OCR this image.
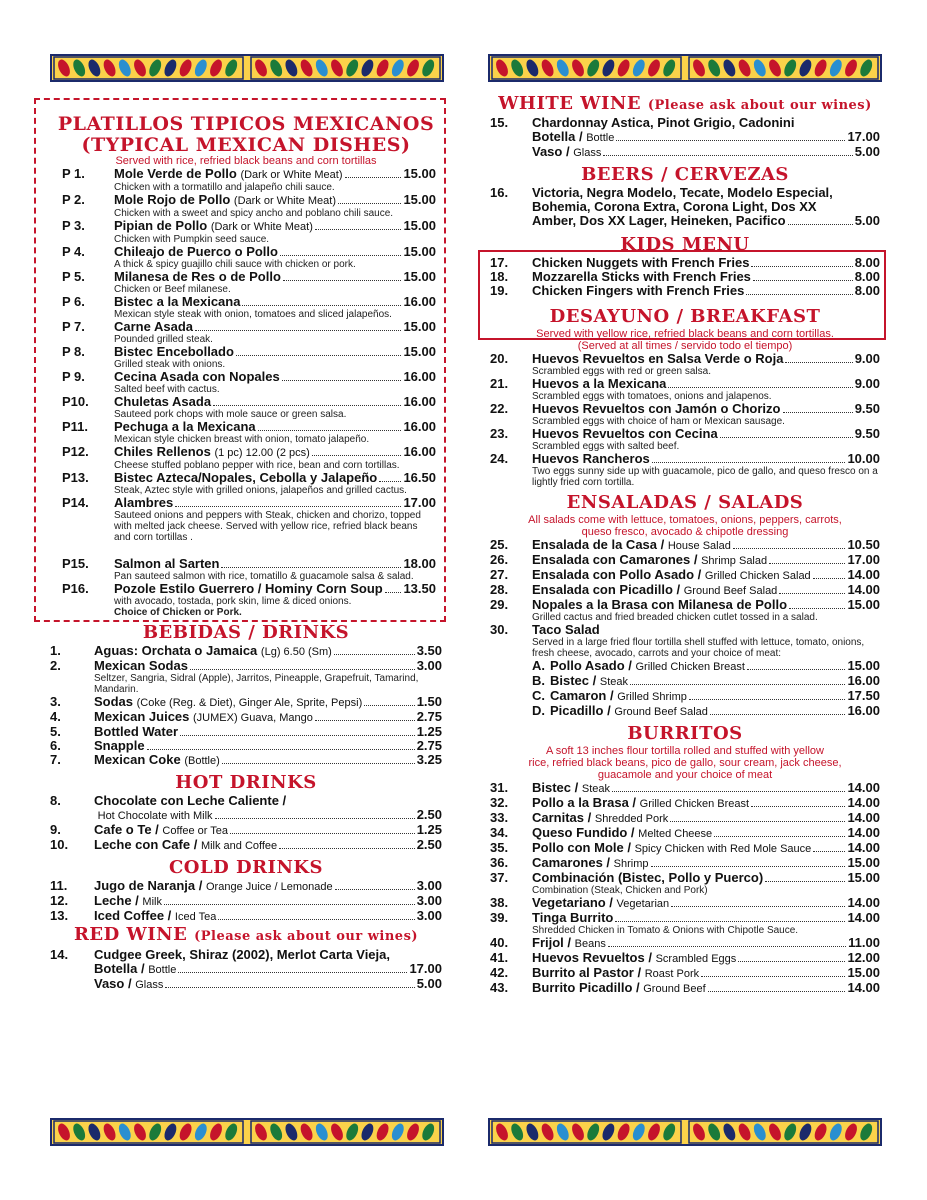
PLATILLOS TIPICOS MEXICANOS
(TYPICAL MEXICAN DISHES)
Served with rice, refried black beans and corn tortillas
P 1.	Mole Verde de Pollo
(Dark or White Meat)	15.00
Chicken with a tormatillo and jalapeño chili sauce.
P 2.	Mole Rojo de Pollo
(Dark or White Meat)	15.00
Chicken with a sweet and spicy ancho and poblano chili sauce.
P 3.	Pipian de Pollo
(Dark or White Meat)	15.00
Chicken with Pumpkin seed sauce.
P 4.	Chileajo de Puerco o Pollo	15.00
A thick & spicy guajillo chili sauce with chicken or pork.
P 5.	Milanesa de Res o de Pollo	15.00
Chicken or Beef milanese.
P 6.	Bistec a la Mexicana	16.00
Mexican style steak with onion, tomatoes and sliced jalapeños.
P 7.	Carne Asada	15.00
Pounded grilled steak.
P 8.	Bistec Encebollado	15.00
Grilled steak with onions.
P 9.	Cecina Asada con Nopales	16.00
Salted beef with cactus.
P10.	Chuletas Asada	16.00
Sauteed pork chops with mole sauce or green salsa.
P11.	Pechuga a la Mexicana	16.00
Mexican style chicken breast with onion, tomato jalapeño.
P12.	Chiles Rellenos
(1 pc) 12.00 (2 pcs)	16.00
Cheese stuffed poblano pepper with rice, bean and corn tortillas.
P13.	Bistec Azteca/Nopales, Cebolla y Jalapeño 16.50
Steak, Aztec style with grilled onions, jalapeños and grilled cactus.
P14.	Alambres	17.00
Sauteed onions and peppers with Steak, chicken and chorizo, topped with melted jack cheese. Served with yellow rice, refried black beans and corn tortillas .
P15.	Salmon al Sarten	18.00
Pan sauteed salmon with rice, tomatillo & guacamole salsa & salad.
P16.	Pozole Estilo Guerrero / Hominy Corn Soup 13.50
with avocado, tostada, pork skin, lime & diced onions.
Choice of Chicken or Pork.
BEBIDAS / DRINKS
1.	Aguas: Orchata o Jamaica
(Lg) 6.50 (Sm)	3.50
2.	Mexican Sodas	3.00
Seltzer, Sangria, Sidral (Apple), Jarritos, Pineapple, Grapefruit, Tamarind, Mandarin.
3.	Sodas
(Coke (Reg. & Diet), Ginger Ale, Sprite, Pepsi)	1.50
4.	Mexican Juices
(JUMEX) Guava, Mango	2.75
5.	Bottled Water	1.25
6.	Snapple	2.75
7.	Mexican Coke
(Bottle)	3.25
HOT DRINKS
8.	Chocolate con Leche Caliente /

Hot Chocolate with Milk	2.50
9.	Cafe o Te /
Coffee or Tea	1.25
10.	Leche con Cafe /
Milk and Coffee	2.50
COLD DRINKS
11.	Jugo de Naranja /
Orange Juice / Lemonade	3.00
12.	Leche /
Milk	3.00
13.	Iced Coffee /
Iced Tea	3.00
RED WINE (Please ask about our wines)
14.	Cudgee Greek, Shiraz (2002), Merlot Carta Vieja,
Botella /
Bottle	17.00
Vaso /
Glass	5.00
WHITE WINE (Please ask about our wines)
15.	Chardonnay Astica, Pinot Grigio, Cadonini
Botella /
Bottle	17.00
Vaso /
Glass	5.00
BEERS / CERVEZAS
16.	Victoria, Negra Modelo, Tecate, Modelo Especial,
Bohemia, Corona Extra, Corona Light, Dos XX
Amber, Dos XX Lager, Heineken, Pacifico	5.00
KIDS MENU
17.	Chicken Nuggets with French Fries	8.00
18.	Mozzarella Sticks with French Fries	8.00
19.	Chicken Fingers with French Fries	8.00
DESAYUNO / BREAKFAST
Served with yellow rice, refried black beans and corn tortillas.
(Served at all times / servido todo el tiempo)
20.	Huevos Revueltos en Salsa Verde o Roja	9.00
Scrambled eggs with red or green salsa.
21.	Huevos a la Mexicana	9.00
Scrambled eggs with tomatoes, onions and jalapenos.
22.	Huevos Revueltos con Jamón o Chorizo	9.50
Scrambled eggs with choice of ham or Mexican sausage.
23.	Huevos Revueltos con Cecina	9.50
Scrambled eggs with salted beef.
24.	Huevos Rancheros	10.00
Two eggs sunny side up with guacamole, pico de gallo, and queso fresco on a lightly fried corn tortilla.
ENSALADAS / SALADS
All salads come with lettuce, tomatoes, onions, peppers, carrots,
queso fresco, avocado & chipotle dressing
25.	Ensalada de la Casa /
House Salad	10.50
26.	Ensalada con Camarones /
Shrimp Salad	17.00
27.	Ensalada con Pollo Asado /
Grilled Chicken Salad	14.00
28.	Ensalada con Picadillo /
Ground Beef Salad	14.00
29.	Nopales a la Brasa con Milanesa de Pollo	15.00
Grilled cactus and fried breaded chicken cutlet tossed in a salad.
30.	Taco Salad
Served in a large fried flour tortilla shell stuffed with lettuce, tomato, onions, fresh cheese, avocado, carrots and your choice of meat:
A. Pollo Asado /
Grilled Chicken Breast	15.00
B. Bistec /
Steak	16.00
C. Camaron /
Grilled Shrimp	17.50
D. Picadillo /
Ground Beef Salad	16.00
BURRITOS
A soft 13 inches flour tortilla rolled and stuffed with yellow
rice, refried black beans, pico de gallo, sour cream, jack cheese,
guacamole and your choice of meat
31.	Bistec /
Steak	14.00
32.	Pollo a la Brasa /
Grilled Chicken Breast	14.00
33.	Carnitas /
Shredded Pork	14.00
34.	Queso Fundido /
Melted Cheese	14.00
35.	Pollo con Mole /
Spicy Chicken with Red Mole Sauce	14.00
36.	Camarones /
Shrimp	15.00
37.	Combinación (Bistec, Pollo y Puerco)	15.00
Combination (Steak, Chicken and Pork)
38.	Vegetariano /
Vegetarian	14.00
39.	Tinga Burrito	14.00
Shredded Chicken in Tomato & Onions with Chipotle Sauce.
40.	Frijol /
Beans	11.00
41.	Huevos Revueltos /
Scrambled Eggs	12.00
42.	Burrito al Pastor /
Roast Pork	15.00
43.	Burrito Picadillo /
Ground Beef	14.00
